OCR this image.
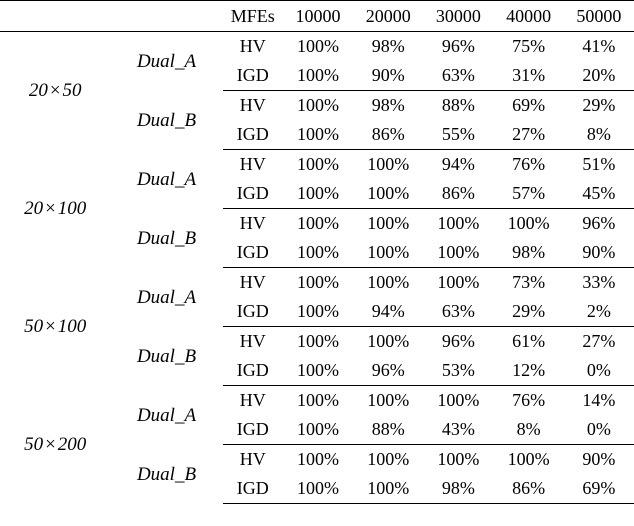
		MFEs	10000	20000	30000	40000	50000
20 × 50	Dual_A	HV	100%	98%	96%	75%	41%
		IGD	100%	90%	63%	31%	20%
	Dual_B	HV	100%	98%	88%	69%	29%
		IGD	100%	86%	55%	27%	8%
20 × 100	Dual_A	HV	100%	100%	94%	76%	51%
		IGD	100%	100%	86%	57%	45%
	Dual_B	HV	100%	100%	100%	100%	96%
		IGD	100%	100%	100%	98%	90%
50 × 100	Dual_A	HV	100%	100%	100%	73%	33%
		IGD	100%	94%	63%	29%	2%
	Dual_B	HV	100%	100%	96%	61%	27%
		IGD	100%	96%	53%	12%	0%
50 × 200	Dual_A	HV	100%	100%	100%	76%	14%
		IGD	100%	88%	43%	8%	0%
	Dual_B	HV	100%	100%	100%	100%	90%
		IGD	100%	100%	98%	86%	69%
